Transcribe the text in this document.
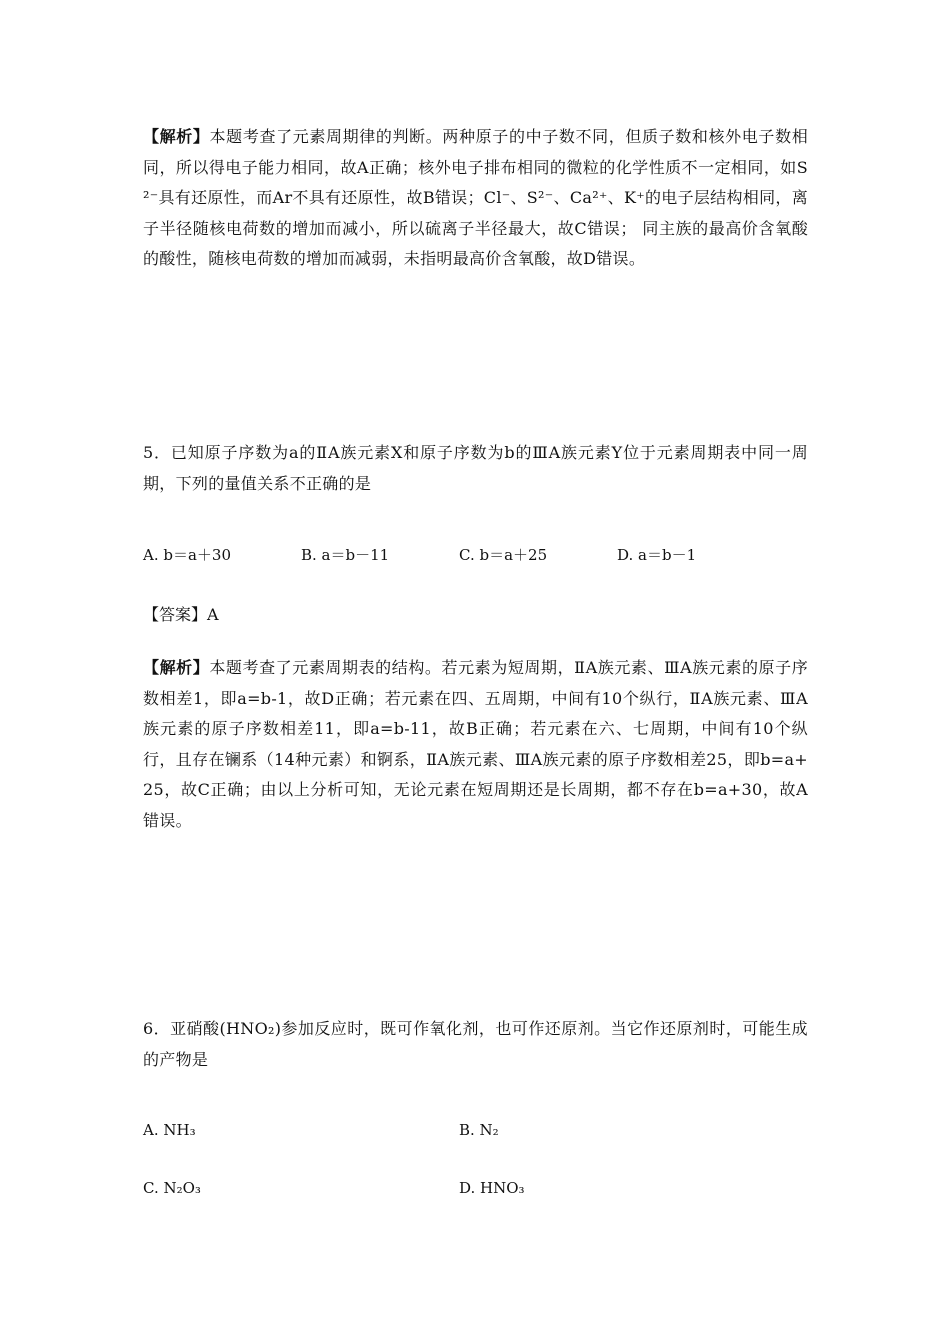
【解析】本题考查了元素周期律的判断。两种原子的中子数不同，但质子数和核外电子数相同，所以得电子能力相同，故A正确；核外电子排布相同的微粒的化学性质不一定相同，如S²⁻具有还原性，而Ar不具有还原性，故B错误；Cl⁻、S²⁻、Ca²⁺、K⁺的电子层结构相同，离子半径随核电荷数的增加而减小，所以硫离子半径最大，故C错误； 同主族的最高价含氧酸的酸性，随核电荷数的增加而减弱，未指明最高价含氧酸，故D错误。

5．已知原子序数为a的ⅡA族元素X和原子序数为b的ⅢA族元素Y位于元素周期表中同一周期，下列的量值关系不正确的是

A. b＝a＋30	B. a＝b－11	C. b＝a＋25	D. a＝b－1
【答案】A

【解析】本题考查了元素周期表的结构。若元素为短周期，ⅡA族元素、ⅢA族元素的原子序数相差1，即a=b-1，故D正确；若元素在四、五周期，中间有10个纵行，ⅡA族元素、ⅢA族元素的原子序数相差11，即a=b-11，故B正确；若元素在六、七周期，中间有10个纵行，且存在镧系（14种元素）和锕系，ⅡA族元素、ⅢA族元素的原子序数相差25，即b=a+25，故C正确；由以上分析可知，无论元素在短周期还是长周期，都不存在b=a+30，故A错误。

6．亚硝酸(HNO₂)参加反应时，既可作氧化剂，也可作还原剂。当它作还原剂时，可能生成的产物是

A. NH₃	B. N₂
C. N₂O₃	D. HNO₃
